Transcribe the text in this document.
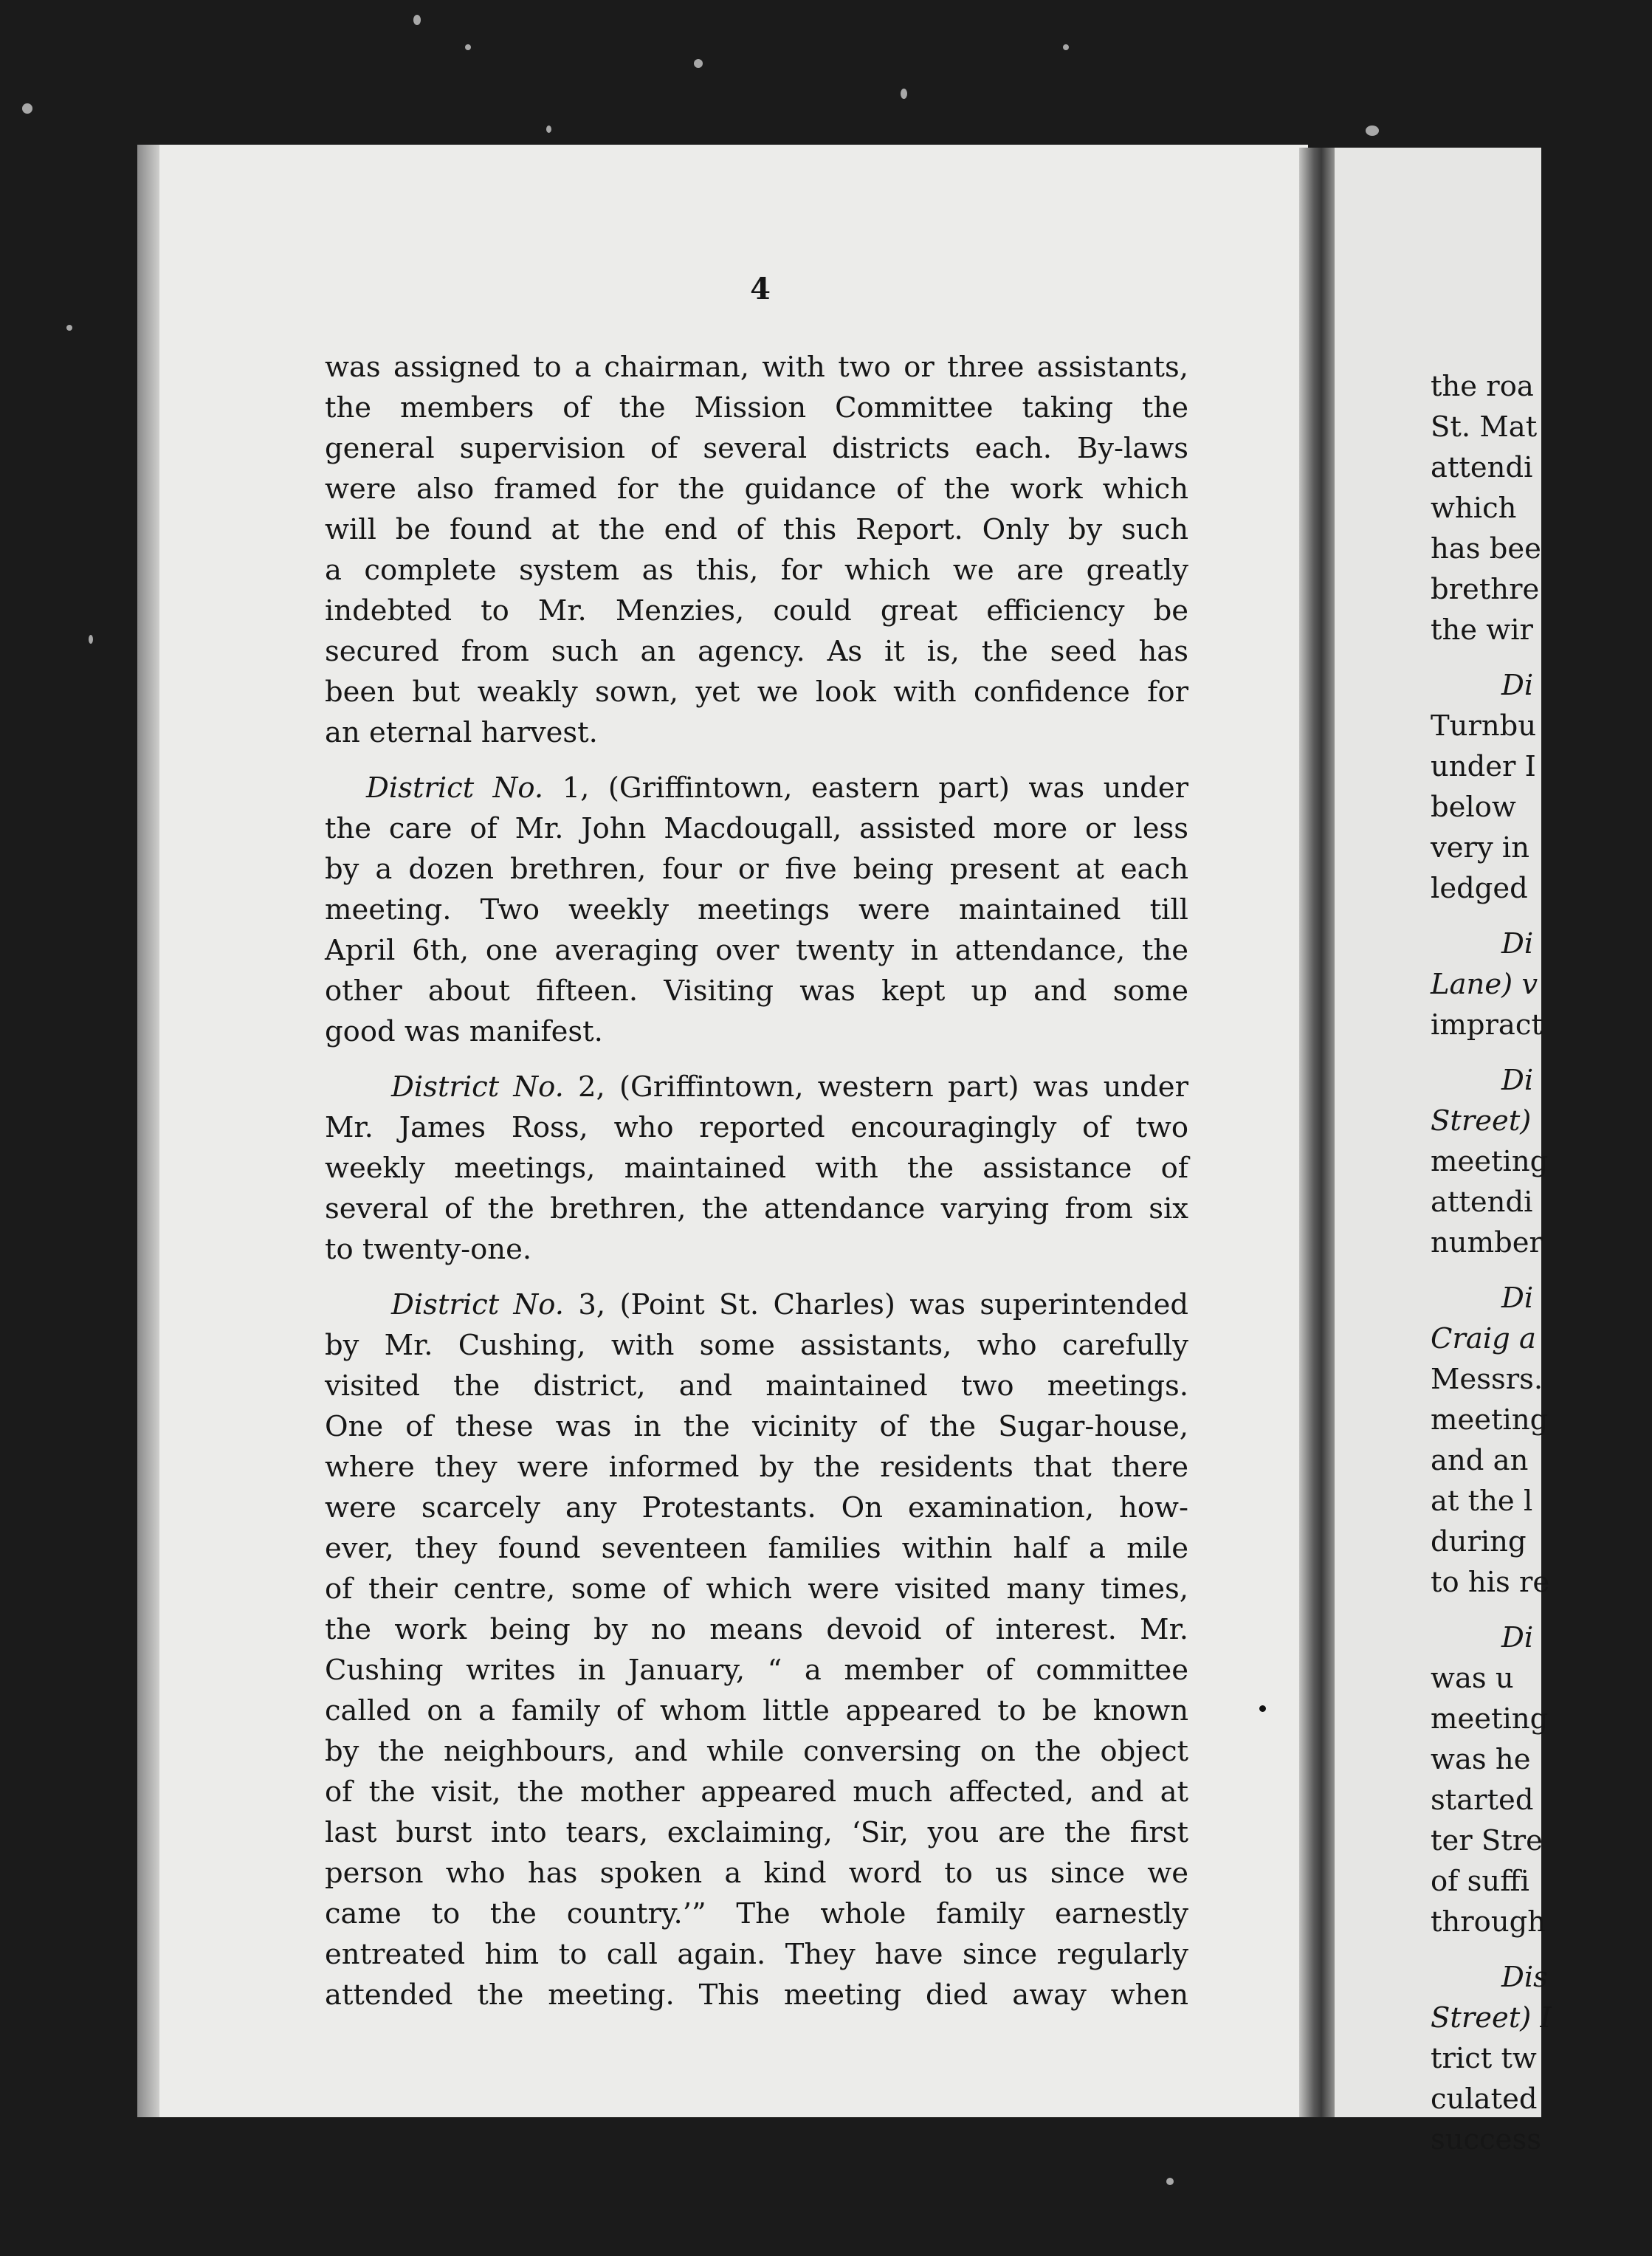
4

was assigned to a chairman, with two or three assistants,
the members of the Mission Committee taking the
general supervision of several districts each. By-laws
were also framed for the guidance of the work which
will be found at the end of this Report. Only by such
a complete system as this, for which we are greatly
indebted to Mr. Menzies, could great efficiency be
secured from such an agency. As it is, the seed has
been but weakly sown, yet we look with confidence for
an eternal harvest.

District No. 1, (Griffintown, eastern part) was under
the care of Mr. John Macdougall, assisted more or less
by a dozen brethren, four or five being present at each
meeting. Two weekly meetings were maintained till
April 6th, one averaging over twenty in attendance, the
other about fifteen. Visiting was kept up and some
good was manifest.

District No. 2, (Griffintown, western part) was under
Mr. James Ross, who reported encouragingly of two
weekly meetings, maintained with the assistance of
several of the brethren, the attendance varying from six
to twenty-one.

District No. 3, (Point St. Charles) was superintended
by Mr. Cushing, with some assistants, who carefully
visited the district, and maintained two meetings.
One of these was in the vicinity of the Sugar-house,
where they were informed by the residents that there
were scarcely any Protestants. On examination, how-
ever, they found seventeen families within half a mile
of their centre, some of which were visited many times,
the work being by no means devoid of interest. Mr.
Cushing writes in January, “ a member of committee
called on a family of whom little appeared to be known
by the neighbours, and while conversing on the object
of the visit, the mother appeared much affected, and at
last burst into tears, exclaiming, ‘Sir, you are the first
person who has spoken a kind word to us since we
came to the country.’” The whole family earnestly
entreated him to call again. They have since regularly
attended the meeting. This meeting died away when

the roa
St. Mat
attendi
which
has bee
brethre
the wir
Di
Turnbu
under I
below
very in
ledged
Di
Lane) v
impract
Di
Street)
meeting
attendi
number
Di
Craig a
Messrs.
meeting
and an
at the l
during
to his re
Di
was u
meeting
was he
started
ter Stre
of suffi
through
Dis
Street) I
trict tw
culated
success
